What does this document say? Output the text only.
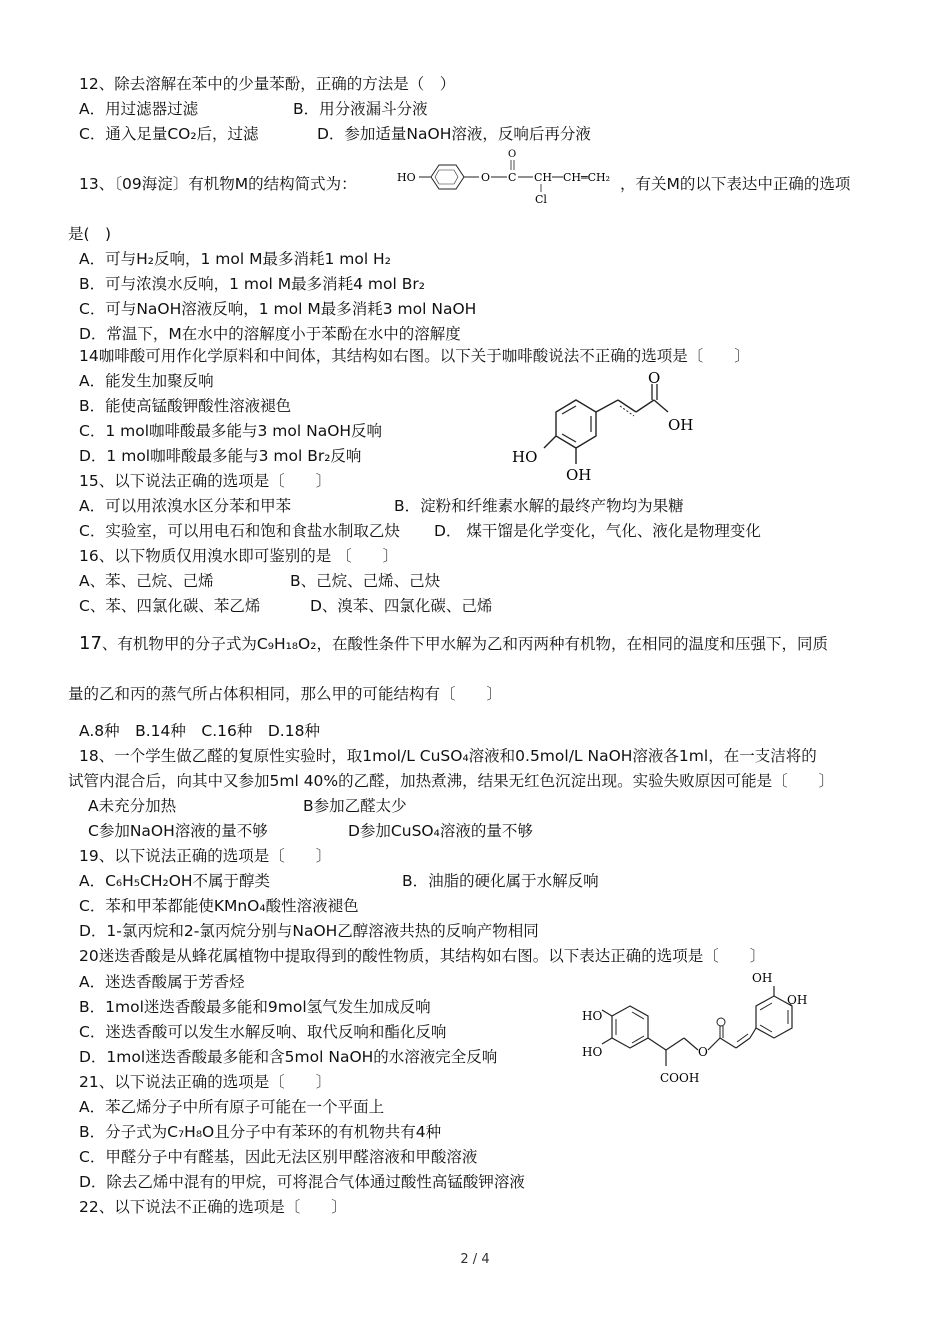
12、除去溶解在苯中的少量苯酚，正确的方法是（　）
A．用过滤器过滤	B．用分液漏斗分液
C．通入足量CO₂后，过滤	D．参加适量NaOH溶液，反响后再分液
13、〔09海淀〕有机物M的结构简式为：	HO	O C
O
CH
Cl
CH═CH₂ ，有关M的以下表达中正确的选项
是(　)
A．可与H₂反响，1 mol M最多消耗1 mol H₂
B．可与浓溴水反响，1 mol M最多消耗4 mol Br₂
C．可与NaOH溶液反响，1 mol M最多消耗3 mol NaOH
D．常温下，M在水中的溶解度小于苯酚在水中的溶解度
14咖啡酸可用作化学原料和中间体，其结构如右图。以下关于咖啡酸说法不正确的选项是〔　　〕
A．能发生加聚反响
B．能使高锰酸钾酸性溶液褪色
C．1 mol咖啡酸最多能与3 mol NaOH反响
D．1 mol咖啡酸最多能与3 mol Br₂反响
O
OH
HO
OH
15、以下说法正确的选项是〔　　〕
A．可以用浓溴水区分苯和甲苯	B．淀粉和纤维素水解的最终产物均为果糖
C．实验室，可以用电石和饱和食盐水制取乙炔 D． 煤干馏是化学变化，气化、液化是物理变化
16、以下物质仅用溴水即可鉴别的是 〔　　〕
A、苯、己烷、己烯	B、己烷、己烯、己炔
C、苯、四氯化碳、苯乙烯	D、溴苯、四氯化碳、己烯
17、有机物甲的分子式为C₉H₁₈O₂，在酸性条件下甲水解为乙和丙两种有机物，在相同的温度和压强下，同质
量的乙和丙的蒸气所占体积相同，那么甲的可能结构有〔　　〕
A.8种　B.14种　C.16种　D.18种
18、一个学生做乙醛的复原性实验时，取1mol/L CuSO₄溶液和0.5mol/L NaOH溶液各1ml，在一支洁将的
试管内混合后，向其中又参加5ml 40%的乙醛，加热煮沸，结果无红色沉淀出现。实验失败原因可能是〔　　〕
A未充分加热	B参加乙醛太少
C参加NaOH溶液的量不够	D参加CuSO₄溶液的量不够
19、以下说法正确的选项是〔　　〕
A．C₆H₅CH₂OH不属于醇类	B．油脂的硬化属于水解反响
C．苯和甲苯都能使KMnO₄酸性溶液褪色
D．1-氯丙烷和2-氯丙烷分别与NaOH乙醇溶液共热的反响产物相同
20迷迭香酸是从蜂花属植物中提取得到的酸性物质，其结构如右图。以下表达正确的选项是〔　　〕
A．迷迭香酸属于芳香烃
B．1mol迷迭香酸最多能和9mol氢气发生加成反响
C．迷迭香酸可以发生水解反响、取代反响和酯化反响
D．1mol迷迭香酸最多能和含5mol NaOH的水溶液完全反响
HO
HO
COOH
O
OH
OH
21、以下说法正确的选项是〔　　〕
A．苯乙烯分子中所有原子可能在一个平面上
B．分子式为C₇H₈O且分子中有苯环的有机物共有4种
C．甲醛分子中有醛基，因此无法区别甲醛溶液和甲酸溶液
D．除去乙烯中混有的甲烷，可将混合气体通过酸性高锰酸钾溶液
22、以下说法不正确的选项是〔　　〕
2 / 4
